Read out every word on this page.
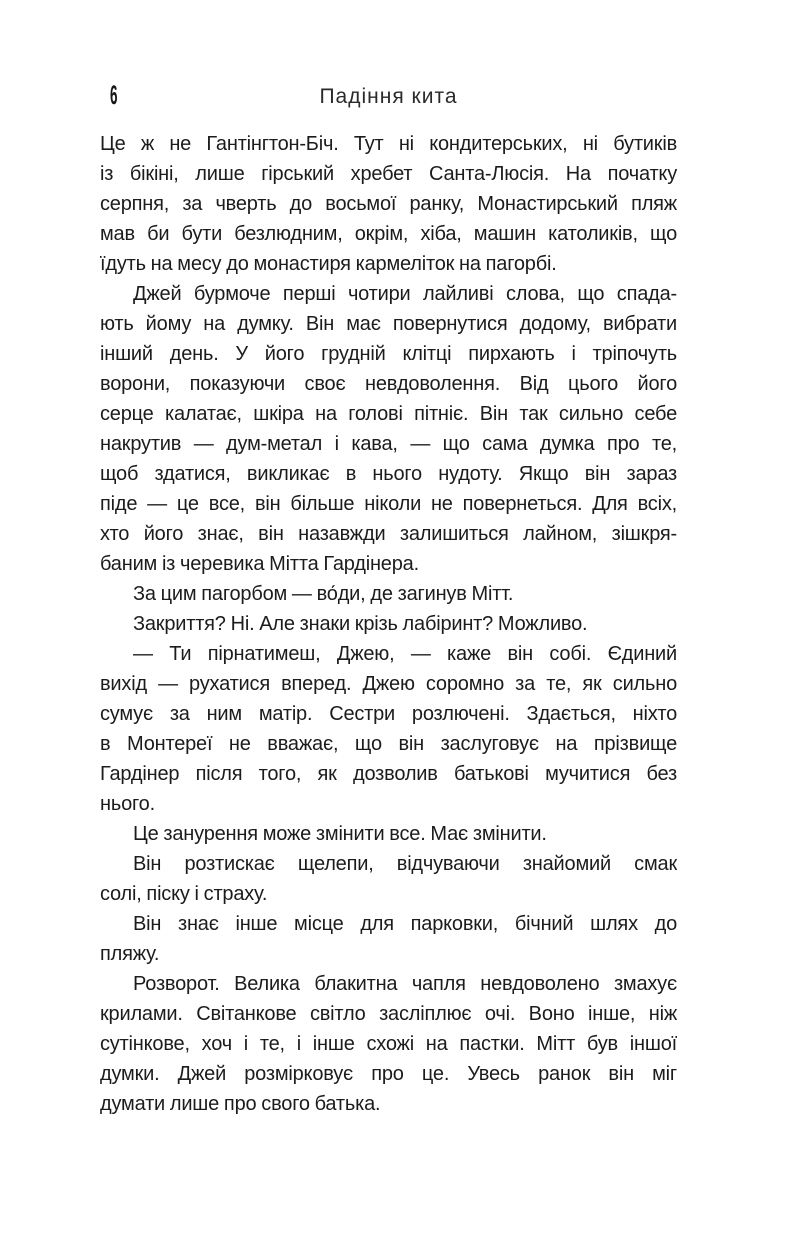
6	Падіння кита

Це ж не Гантінгтон-Біч. Тут ні кондитерських, ні бутиків
із бікіні, лише гірський хребет Санта-Люсія. На початку
серпня, за чверть до восьмої ранку, Монастирський пляж
мав би бути безлюдним, окрім, хіба, машин католиків, що
їдуть на месу до монастиря кармеліток на пагорбі.

Джей бурмоче перші чотири лайливі слова, що спада-
ють йому на думку. Він має повернутися додому, вибрати
інший день. У його грудній клітці пирхають і тріпочуть
ворони, показуючи своє невдоволення. Від цього його
серце калатає, шкіра на голові пітніє. Він так сильно себе
накрутив — дум-метал і кава, — що сама думка про те,
щоб здатися, викликає в нього нудоту. Якщо він зараз
піде — це все, він більше ніколи не повернеться. Для всіх,
хто його знає, він назавжди залишиться лайном, зішкря-
баним із черевика Мітта Гардінера.

За цим пагорбом — во́ди, де загинув Мітт.

Закриття? Ні. Але знаки крізь лабіринт? Можливо.

— Ти пірнатимеш, Джею, — каже він собі. Єдиний
вихід — рухатися вперед. Джею соромно за те, як сильно
сумує за ним матір. Сестри розлючені. Здається, ніхто
в Монтереї не вважає, що він заслуговує на прізвище
Гардінер після того, як дозволив батькові мучитися без
нього.

Це занурення може змінити все. Має змінити.

Він розтискає щелепи, відчуваючи знайомий смак
солі, піску і страху.

Він знає інше місце для парковки, бічний шлях до
пляжу.

Розворот. Велика блакитна чапля невдоволено змахує
крилами. Світанкове світло засліплює очі. Воно інше, ніж
сутінкове, хоч і те, і інше схожі на пастки. Мітт був іншої
думки. Джей розмірковує про це. Увесь ранок він міг
думати лише про свого батька.
